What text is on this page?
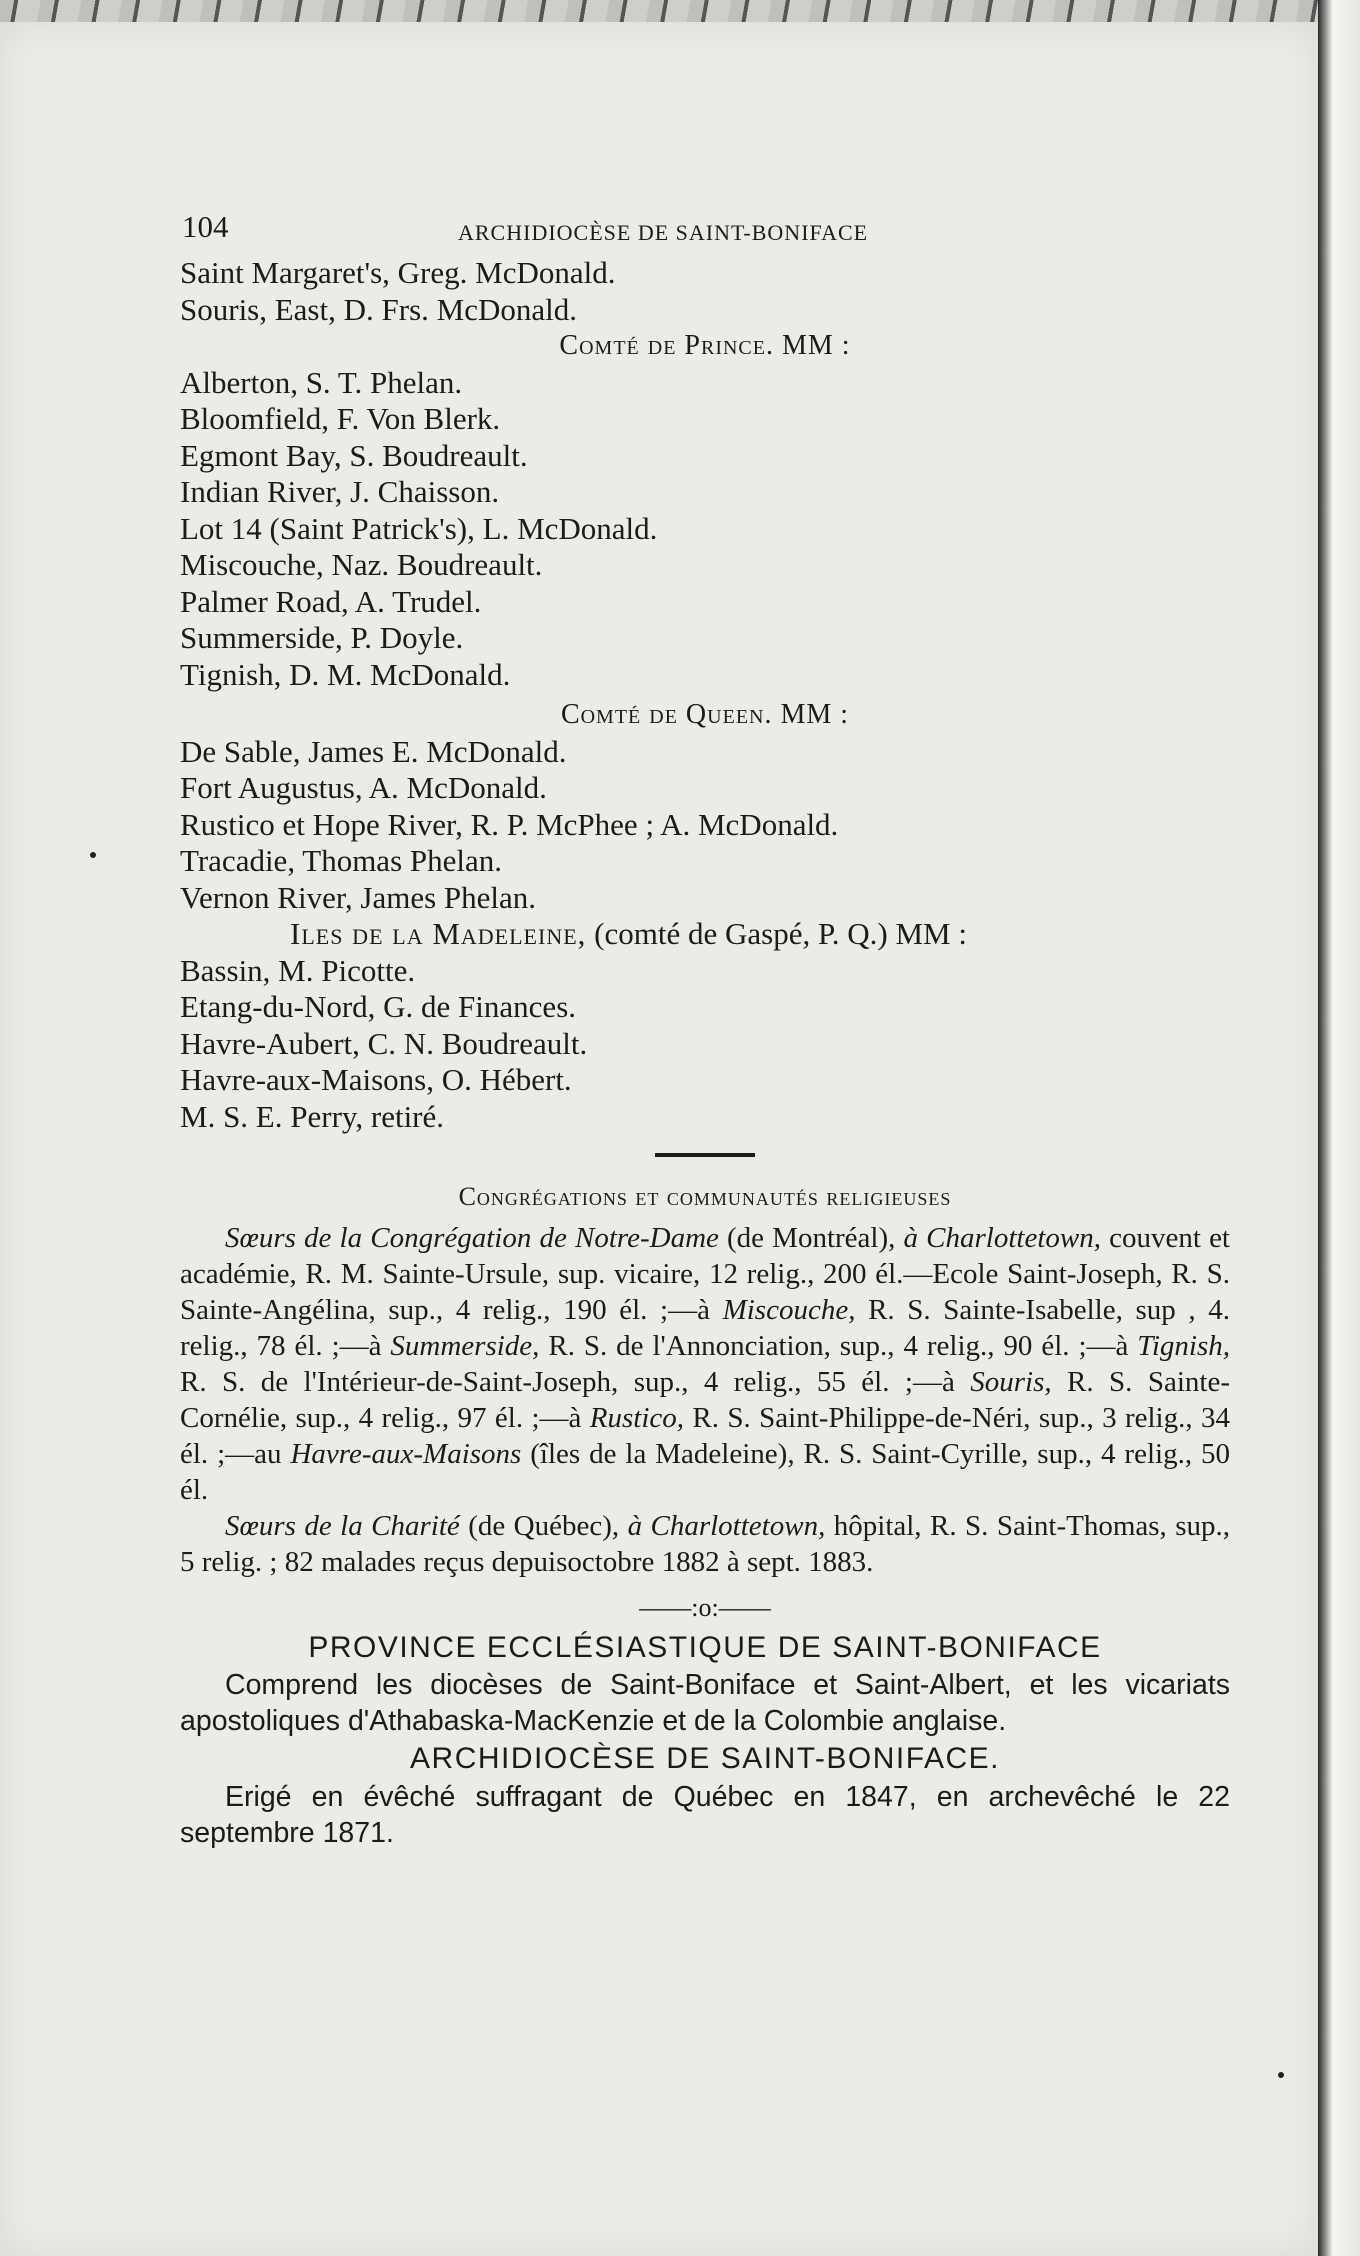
104	ARCHIDIOCÈSE DE SAINT-BONIFACE
Saint Margaret's, Greg. McDonald.
Souris, East, D. Frs. McDonald.
Comté de Prince. MM :
Alberton, S. T. Phelan.
Bloomfield, F. Von Blerk.
Egmont Bay, S. Boudreault.
Indian River, J. Chaisson.
Lot 14 (Saint Patrick's), L. McDonald.
Miscouche, Naz. Boudreault.
Palmer Road, A. Trudel.
Summerside, P. Doyle.
Tignish, D. M. McDonald.
Comté de Queen. MM :
De Sable, James E. McDonald.
Fort Augustus, A. McDonald.
Rustico et Hope River, R. P. McPhee ; A. McDonald.
Tracadie, Thomas Phelan.
Vernon River, James Phelan.
Iles de la Madeleine, (comté de Gaspé, P. Q.) MM :
Bassin, M. Picotte.
Etang-du-Nord, G. de Finances.
Havre-Aubert, C. N. Boudreault.
Havre-aux-Maisons, O. Hébert.
M. S. E. Perry, retiré.
Congrégations et communautés religieuses
Sœurs de la Congrégation de Notre-Dame (de Montréal), à Charlottetown, couvent et académie, R. M. Sainte-Ursule, sup. vicaire, 12 relig., 200 él.—Ecole Saint-Joseph, R. S. Sainte-Angélina, sup., 4 relig., 190 él. ;—à Miscouche, R. S. Sainte-Isabelle, sup , 4. relig., 78 él. ;—à Summerside, R. S. de l'Annonciation, sup., 4 relig., 90 él. ;—à Tignish, R. S. de l'Intérieur-de-Saint-Joseph, sup., 4 relig., 55 él. ;—à Souris, R. S. Sainte-Cornélie, sup., 4 relig., 97 él. ;—à Rustico, R. S. Saint-Philippe-de-Néri, sup., 3 relig., 34 él. ;—au Havre-aux-Maisons (îles de la Madeleine), R. S. Saint-Cyrille, sup., 4 relig., 50 él.
Sœurs de la Charité (de Québec), à Charlottetown, hôpital, R. S. Saint-Thomas, sup., 5 relig. ; 82 malades reçus depuisoctobre 1882 à sept. 1883.
——:o:——
PROVINCE ECCLÉSIASTIQUE DE SAINT-BONIFACE
Comprend les diocèses de Saint-Boniface et Saint-Albert, et les vicariats apostoliques d'Athabaska-MacKenzie et de la Colombie anglaise.
ARCHIDIOCÈSE DE SAINT-BONIFACE.
Erigé en évêché suffragant de Québec en 1847, en archevêché le 22 septembre 1871.
